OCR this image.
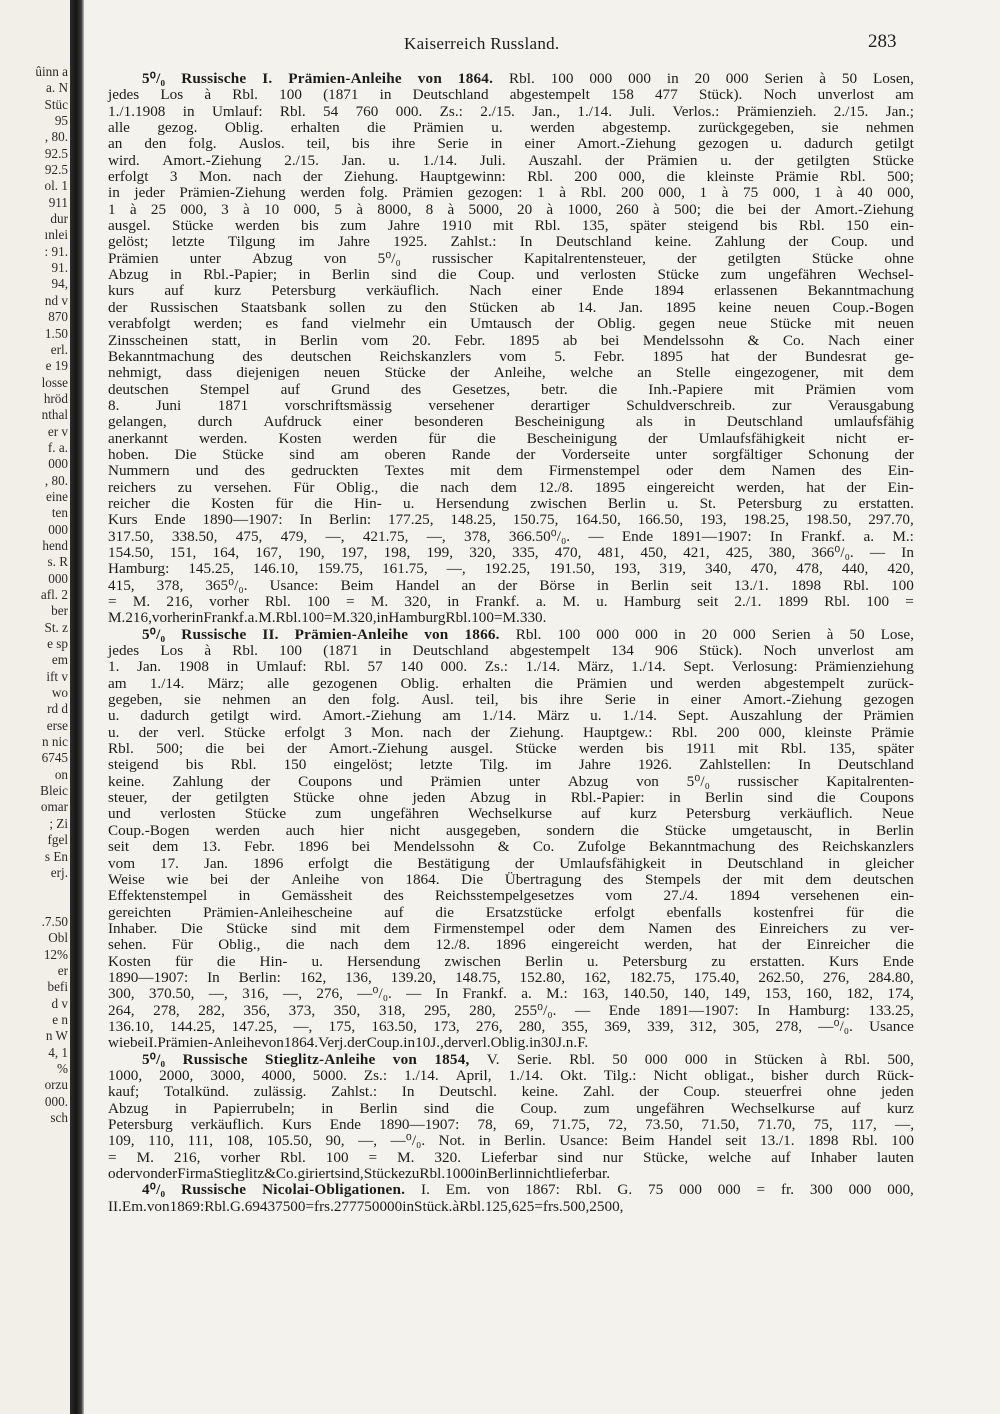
ûinn a
a. N
Stüc
95
, 80.
92.5
92.5
ol. 1
911
dur
ınlei
: 91.
91.
94,
nd v
870
1.50
erl.
e 19
losse
hröd
nthal
er v
f. a.
000
, 80.
eine
ten
000
hend
s. R
000
afl. 2
ber
St. z
e sp
em
ift v
wo
rd d
erse
n nic
6745
on
Bleic
omar
; Zi
fgel
s En
erj.
.7.50
Obl
12%
er
befi
d v
e n
n W
4, 1
%
orzu
000.
sch
Kaiserreich Russland.	283
5⁰/₀ Russische I. Prämien-Anleihe von 1864. Rbl. 100 000 000 in 20 000 Serien à 50 Losen,
jedes Los à Rbl. 100 (1871 in Deutschland abgestempelt 158 477 Stück). Noch unverlost am
1./1.1908 in Umlauf: Rbl. 54 760 000. Zs.: 2./15. Jan., 1./14. Juli. Verlos.: Prämienzieh. 2./15. Jan.;
alle gezog. Oblig. erhalten die Prämien u. werden abgestemp. zurückgegeben, sie nehmen
an den folg. Auslos. teil, bis ihre Serie in einer Amort.-Ziehung gezogen u. dadurch getilgt
wird. Amort.-Ziehung 2./15. Jan. u. 1./14. Juli. Auszahl. der Prämien u. der getilgten Stücke
erfolgt 3 Mon. nach der Ziehung. Hauptgewinn: Rbl. 200 000, die kleinste Prämie Rbl. 500;
in jeder Prämien-Ziehung werden folg. Prämien gezogen: 1 à Rbl. 200 000, 1 à 75 000, 1 à 40 000,
1 à 25 000, 3 à 10 000, 5 à 8000, 8 à 5000, 20 à 1000, 260 à 500; die bei der Amort.-Ziehung
ausgel. Stücke werden bis zum Jahre 1910 mit Rbl. 135, später steigend bis Rbl. 150 ein-
gelöst; letzte Tilgung im Jahre 1925. Zahlst.: In Deutschland keine. Zahlung der Coup. und
Prämien unter Abzug von 5⁰/₀ russischer Kapitalrentensteuer, der getilgten Stücke ohne
Abzug in Rbl.-Papier; in Berlin sind die Coup. und verlosten Stücke zum ungefähren Wechsel-
kurs auf kurz Petersburg verkäuflich. Nach einer Ende 1894 erlassenen Bekanntmachung
der Russischen Staatsbank sollen zu den Stücken ab 14. Jan. 1895 keine neuen Coup.-Bogen
verabfolgt werden; es fand vielmehr ein Umtausch der Oblig. gegen neue Stücke mit neuen
Zinsscheinen statt, in Berlin vom 20. Febr. 1895 ab bei Mendelssohn & Co. Nach einer
Bekanntmachung des deutschen Reichskanzlers vom 5. Febr. 1895 hat der Bundesrat ge-
nehmigt, dass diejenigen neuen Stücke der Anleihe, welche an Stelle eingezogener, mit dem
deutschen Stempel auf Grund des Gesetzes, betr. die Inh.-Papiere mit Prämien vom
8. Juni 1871 vorschriftsmässig versehener derartiger Schuldverschreib. zur Verausgabung
gelangen, durch Aufdruck einer besonderen Bescheinigung als in Deutschland umlaufsfähig
anerkannt werden. Kosten werden für die Bescheinigung der Umlaufsfähigkeit nicht er-
hoben. Die Stücke sind am oberen Rande der Vorderseite unter sorgfältiger Schonung der
Nummern und des gedruckten Textes mit dem Firmenstempel oder dem Namen des Ein-
reichers zu versehen. Für Oblig., die nach dem 12./8. 1895 eingereicht werden, hat der Ein-
reicher die Kosten für die Hin- u. Hersendung zwischen Berlin u. St. Petersburg zu erstatten.
Kurs Ende 1890—1907: In Berlin: 177.25, 148.25, 150.75, 164.50, 166.50, 193, 198.25, 198.50, 297.70,
317.50, 338.50, 475, 479, —, 421.75, —, 378, 366.50⁰/₀. — Ende 1891—1907: In Frankf. a. M.:
154.50, 151, 164, 167, 190, 197, 198, 199, 320, 335, 470, 481, 450, 421, 425, 380, 366⁰/₀. — In
Hamburg: 145.25, 146.10, 159.75, 161.75, —, 192.25, 191.50, 193, 319, 340, 470, 478, 440, 420,
415, 378, 365⁰/₀. Usance: Beim Handel an der Börse in Berlin seit 13./1. 1898 Rbl. 100
= M. 216, vorher Rbl. 100 = M. 320, in Frankf. a. M. u. Hamburg seit 2./1. 1899 Rbl. 100 =
M. 216, vorher in Frankf. a. M. Rbl. 100 = M. 320, in Hamburg Rbl. 100 = M. 330.
5⁰/₀ Russische II. Prämien-Anleihe von 1866. Rbl. 100 000 000 in 20 000 Serien à 50 Lose,
jedes Los à Rbl. 100 (1871 in Deutschland abgestempelt 134 906 Stück). Noch unverlost am
1. Jan. 1908 in Umlauf: Rbl. 57 140 000. Zs.: 1./14. März, 1./14. Sept. Verlosung: Prämienziehung
am 1./14. März; alle gezogenen Oblig. erhalten die Prämien und werden abgestempelt zurück-
gegeben, sie nehmen an den folg. Ausl. teil, bis ihre Serie in einer Amort.-Ziehung gezogen
u. dadurch getilgt wird. Amort.-Ziehung am 1./14. März u. 1./14. Sept. Auszahlung der Prämien
u. der verl. Stücke erfolgt 3 Mon. nach der Ziehung. Hauptgew.: Rbl. 200 000, kleinste Prämie
Rbl. 500; die bei der Amort.-Ziehung ausgel. Stücke werden bis 1911 mit Rbl. 135, später
steigend bis Rbl. 150 eingelöst; letzte Tilg. im Jahre 1926. Zahlstellen: In Deutschland
keine. Zahlung der Coupons und Prämien unter Abzug von 5⁰/₀ russischer Kapitalrenten-
steuer, der getilgten Stücke ohne jeden Abzug in Rbl.-Papier: in Berlin sind die Coupons
und verlosten Stücke zum ungefähren Wechselkurse auf kurz Petersburg verkäuflich. Neue
Coup.-Bogen werden auch hier nicht ausgegeben, sondern die Stücke umgetauscht, in Berlin
seit dem 13. Febr. 1896 bei Mendelssohn & Co. Zufolge Bekanntmachung des Reichskanzlers
vom 17. Jan. 1896 erfolgt die Bestätigung der Umlaufsfähigkeit in Deutschland in gleicher
Weise wie bei der Anleihe von 1864. Die Übertragung des Stempels der mit dem deutschen
Effektenstempel in Gemässheit des Reichsstempelgesetzes vom 27./4. 1894 versehenen ein-
gereichten Prämien-Anleihescheine auf die Ersatzstücke erfolgt ebenfalls kostenfrei für die
Inhaber. Die Stücke sind mit dem Firmenstempel oder dem Namen des Einreichers zu ver-
sehen. Für Oblig., die nach dem 12./8. 1896 eingereicht werden, hat der Einreicher die
Kosten für die Hin- u. Hersendung zwischen Berlin u. Petersburg zu erstatten. Kurs Ende
1890—1907: In Berlin: 162, 136, 139.20, 148.75, 152.80, 162, 182.75, 175.40, 262.50, 276, 284.80,
300, 370.50, —, 316, —, 276, —⁰/₀. — In Frankf. a. M.: 163, 140.50, 140, 149, 153, 160, 182, 174,
264, 278, 282, 356, 373, 350, 318, 295, 280, 255⁰/₀. — Ende 1891—1907: In Hamburg: 133.25,
136.10, 144.25, 147.25, —, 175, 163.50, 173, 276, 280, 355, 369, 339, 312, 305, 278, —⁰/₀. Usance
wie bei I. Prämien-Anleihe von 1864. Verj. der Coup. in 10 J., der verl. Oblig. in 30 J. n. F.
5⁰/₀ Russische Stieglitz-Anleihe von 1854, V. Serie. Rbl. 50 000 000 in Stücken à Rbl. 500,
1000, 2000, 3000, 4000, 5000. Zs.: 1./14. April, 1./14. Okt. Tilg.: Nicht obligat., bisher durch Rück-
kauf; Totalkünd. zulässig. Zahlst.: In Deutschl. keine. Zahl. der Coup. steuerfrei ohne jeden
Abzug in Papierrubeln; in Berlin sind die Coup. zum ungefähren Wechselkurse auf kurz
Petersburg verkäuflich. Kurs Ende 1890—1907: 78, 69, 71.75, 72, 73.50, 71.50, 71.70, 75, 117, —,
109, 110, 111, 108, 105.50, 90, —, —⁰/₀. Not. in Berlin. Usance: Beim Handel seit 13./1. 1898 Rbl. 100
= M. 216, vorher Rbl. 100 = M. 320. Lieferbar sind nur Stücke, welche auf Inhaber lauten
oder von der Firma Stieglitz & Co. giriert sind, Stücke zu Rbl. 1000 in Berlin nicht lieferbar.
4⁰/₀ Russische Nicolai-Obligationen. I. Em. von 1867: Rbl. G. 75 000 000 = fr. 300 000 000,
II. Em. von 1869: Rbl. G. 69 437 500 = frs. 277 750 000 in Stück. à Rbl. 125, 625 = frs. 500, 2500,
